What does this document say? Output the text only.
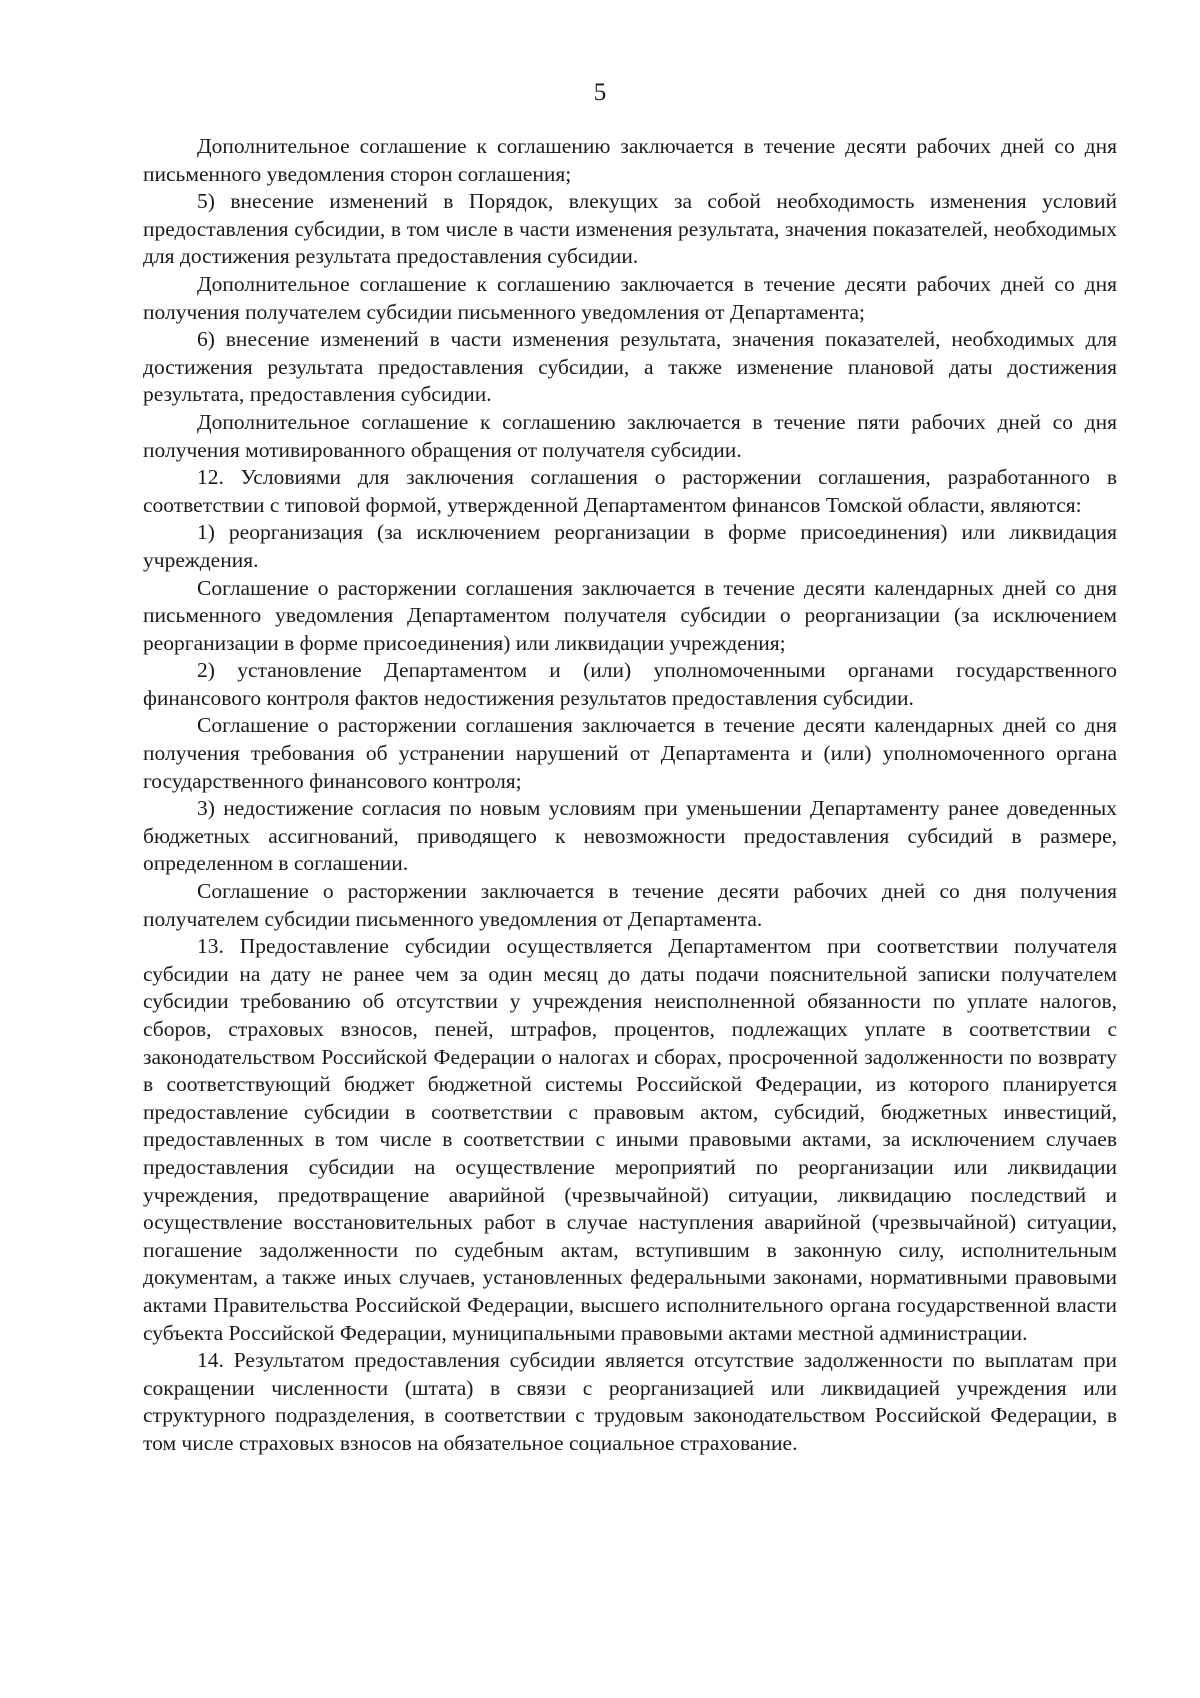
5

Дополнительное соглашение к соглашению заключается в течение десяти рабочих дней со дня письменного уведомления сторон соглашения;

5) внесение изменений в Порядок, влекущих за собой необходимость изменения условий предоставления субсидии, в том числе в части изменения результата, значения показателей, необходимых для достижения результата предоставления субсидии.

Дополнительное соглашение к соглашению заключается в течение десяти рабочих дней со дня получения получателем субсидии письменного уведомления от Департамента;

6) внесение изменений в части изменения результата, значения показателей, необходимых для достижения результата предоставления субсидии, а также изменение плановой даты достижения результата, предоставления субсидии.

Дополнительное соглашение к соглашению заключается в течение пяти рабочих дней со дня получения мотивированного обращения от получателя субсидии.

12. Условиями для заключения соглашения о расторжении соглашения, разработанного в соответствии с типовой формой, утвержденной Департаментом финансов Томской области, являются:

1) реорганизация (за исключением реорганизации в форме присоединения) или ликвидация учреждения.

Соглашение о расторжении соглашения заключается в течение десяти календарных дней со дня письменного уведомления Департаментом получателя субсидии о реорганизации (за исключением реорганизации в форме присоединения) или ликвидации учреждения;

2) установление Департаментом и (или) уполномоченными органами государственного финансового контроля фактов недостижения результатов предоставления субсидии.

Соглашение о расторжении соглашения заключается в течение десяти календарных дней со дня получения требования об устранении нарушений от Департамента и (или) уполномоченного органа государственного финансового контроля;

3) недостижение согласия по новым условиям при уменьшении Департаменту ранее доведенных бюджетных ассигнований, приводящего к невозможности предоставления субсидий в размере, определенном в соглашении.

Соглашение о расторжении заключается в течение десяти рабочих дней со дня получения получателем субсидии письменного уведомления от Департамента.

13. Предоставление субсидии осуществляется Департаментом при соответствии получателя субсидии на дату не ранее чем за один месяц до даты подачи пояснительной записки получателем субсидии требованию об отсутствии у учреждения неисполненной обязанности по уплате налогов, сборов, страховых взносов, пеней, штрафов, процентов, подлежащих уплате в соответствии с законодательством Российской Федерации о налогах и сборах, просроченной задолженности по возврату в соответствующий бюджет бюджетной системы Российской Федерации, из которого планируется предоставление субсидии в соответствии с правовым актом, субсидий, бюджетных инвестиций, предоставленных в том числе в соответствии с иными правовыми актами, за исключением случаев предоставления субсидии на осуществление мероприятий по реорганизации или ликвидации учреждения, предотвращение аварийной (чрезвычайной) ситуации, ликвидацию последствий и осуществление восстановительных работ в случае наступления аварийной (чрезвычайной) ситуации, погашение задолженности по судебным актам, вступившим в законную силу, исполнительным документам, а также иных случаев, установленных федеральными законами, нормативными правовыми актами Правительства Российской Федерации, высшего исполнительного органа государственной власти субъекта Российской Федерации, муниципальными правовыми актами местной администрации.

14. Результатом предоставления субсидии является отсутствие задолженности по выплатам при сокращении численности (штата) в связи с реорганизацией или ликвидацией учреждения или структурного подразделения, в соответствии с трудовым законодательством Российской Федерации, в том числе страховых взносов на обязательное социальное страхование.
